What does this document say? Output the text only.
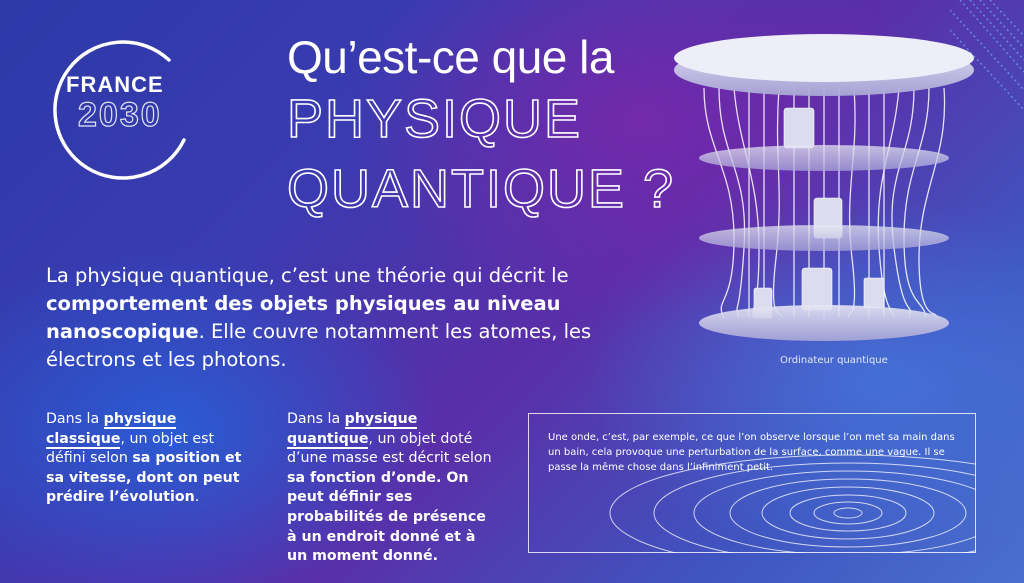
FRANCE
2030
Qu’est-ce que la
PHYSIQUE
QUANTIQUE ?
La physique quantique, c’est une théorie qui décrit le comportement des objets physiques au niveau nanoscopique. Elle couvre notamment les atomes, les électrons et les photons.
Dans la physique classique, un objet est défini selon sa position et sa vitesse, dont on peut prédire l’évolution.
Dans la physique quantique, un objet doté d’une masse est décrit selon sa fonction d’onde. On peut définir ses probabilités de présence à un endroit donné et à un moment donné.
Une onde, c’est, par exemple, ce que l’on observe lorsque l’on met sa main dans un bain, cela provoque une perturbation de la surface, comme une vague. Il se passe la même chose dans l’infiniment petit.
Ordinateur quantique
